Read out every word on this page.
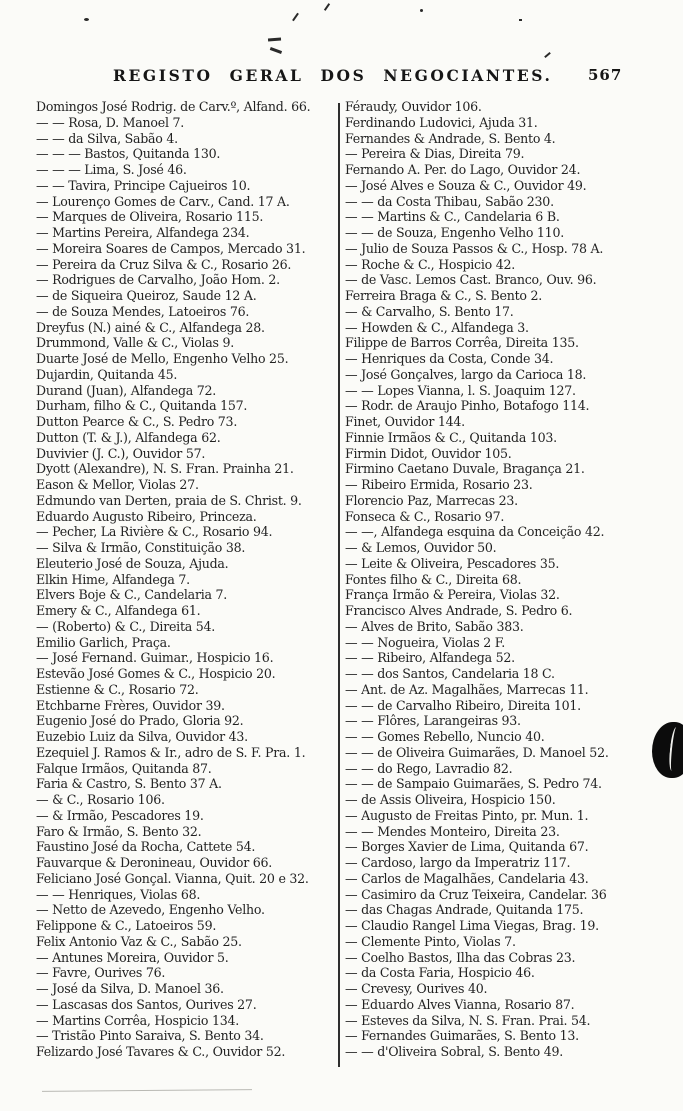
REGISTO GERAL DOS NEGOCIANTES. 567
Domingos José Rodrig. de Carv.º, Alfand. 66.
— — Rosa, D. Manoel 7.
— — da Silva, Sabão 4.
— — — Bastos, Quitanda 130.
— — — Lima, S. José 46.
— — Tavira, Principe Cajueiros 10.
— Lourenço Gomes de Carv., Cand. 17 A.
— Marques de Oliveira, Rosario 115.
— Martins Pereira, Alfandega 234.
— Moreira Soares de Campos, Mercado 31.
— Pereira da Cruz Silva & C., Rosario 26.
— Rodrigues de Carvalho, João Hom. 2.
— de Siqueira Queiroz, Saude 12 A.
— de Souza Mendes, Latoeiros 76.
Dreyfus (N.) ainé & C., Alfandega 28.
Drummond, Valle & C., Violas 9.
Duarte José de Mello, Engenho Velho 25.
Dujardin, Quitanda 45.
Durand (Juan), Alfandega 72.
Durham, filho & C., Quitanda 157.
Dutton Pearce & C., S. Pedro 73.
Dutton (T. & J.), Alfandega 62.
Duvivier (J. C.), Ouvidor 57.
Dyott (Alexandre), N. S. Fran. Prainha 21.
Eason & Mellor, Violas 27.
Edmundo van Derten, praia de S. Christ. 9.
Eduardo Augusto Ribeiro, Princeza.
— Pecher, La Rivière & C., Rosario 94.
— Silva & Irmão, Constituição 38.
Eleuterio José de Souza, Ajuda.
Elkin Hime, Alfandega 7.
Elvers Boje & C., Candelaria 7.
Emery & C., Alfandega 61.
— (Roberto) & C., Direita 54.
Emilio Garlich, Praça.
— José Fernand. Guimar., Hospicio 16.
Estevão José Gomes & C., Hospicio 20.
Estienne & C., Rosario 72.
Etchbarne Frères, Ouvidor 39.
Eugenio José do Prado, Gloria 92.
Euzebio Luiz da Silva, Ouvidor 43.
Ezequiel J. Ramos & Ir., adro de S. F. Pra. 1.
Falque Irmãos, Quitanda 87.
Faria & Castro, S. Bento 37 A.
— & C., Rosario 106.
— & Irmão, Pescadores 19.
Faro & Irmão, S. Bento 32.
Faustino José da Rocha, Cattete 54.
Fauvarque & Deronineau, Ouvidor 66.
Feliciano José Gonçal. Vianna, Quit. 20 e 32.
— — Henriques, Violas 68.
— Netto de Azevedo, Engenho Velho.
Felippone & C., Latoeiros 59.
Felix Antonio Vaz & C., Sabão 25.
— Antunes Moreira, Ouvidor 5.
— Favre, Ourives 76.
— José da Silva, D. Manoel 36.
— Lascasas dos Santos, Ourives 27.
— Martins Corrêa, Hospicio 134.
— Tristão Pinto Saraiva, S. Bento 34.
Felizardo José Tavares & C., Ouvidor 52.
Féraudy, Ouvidor 106.
Ferdinando Ludovici, Ajuda 31.
Fernandes & Andrade, S. Bento 4.
— Pereira & Dias, Direita 79.
Fernando A. Per. do Lago, Ouvidor 24.
— José Alves e Souza & C., Ouvidor 49.
— — da Costa Thibau, Sabão 230.
— — Martins & C., Candelaria 6 B.
— — de Souza, Engenho Velho 110.
— Julio de Souza Passos & C., Hosp. 78 A.
— Roche & C., Hospicio 42.
— de Vasc. Lemos Cast. Branco, Ouv. 96.
Ferreira Braga & C., S. Bento 2.
— & Carvalho, S. Bento 17.
— Howden & C., Alfandega 3.
Filippe de Barros Corrêa, Direita 135.
— Henriques da Costa, Conde 34.
— José Gonçalves, largo da Carioca 18.
— — Lopes Vianna, l. S. Joaquim 127.
— Rodr. de Araujo Pinho, Botafogo 114.
Finet, Ouvidor 144.
Finnie Irmãos & C., Quitanda 103.
Firmin Didot, Ouvidor 105.
Firmino Caetano Duvale, Bragança 21.
— Ribeiro Ermida, Rosario 23.
Florencio Paz, Marrecas 23.
Fonseca & C., Rosario 97.
— —, Alfandega esquina da Conceição 42.
— & Lemos, Ouvidor 50.
— Leite & Oliveira, Pescadores 35.
Fontes filho & C., Direita 68.
França Irmão & Pereira, Violas 32.
Francisco Alves Andrade, S. Pedro 6.
— Alves de Brito, Sabão 383.
— — Nogueira, Violas 2 F.
— — Ribeiro, Alfandega 52.
— — dos Santos, Candelaria 18 C.
— Ant. de Az. Magalhães, Marrecas 11.
— — de Carvalho Ribeiro, Direita 101.
— — Flôres, Larangeiras 93.
— — Gomes Rebello, Nuncio 40.
— — de Oliveira Guimarães, D. Manoel 52.
— — do Rego, Lavradio 82.
— — de Sampaio Guimarães, S. Pedro 74.
— de Assis Oliveira, Hospicio 150.
— Augusto de Freitas Pinto, pr. Mun. 1.
— — Mendes Monteiro, Direita 23.
— Borges Xavier de Lima, Quitanda 67.
— Cardoso, largo da Imperatriz 117.
— Carlos de Magalhães, Candelaria 43.
— Casimiro da Cruz Teixeira, Candelar. 36
— das Chagas Andrade, Quitanda 175.
— Claudio Rangel Lima Viegas, Brag. 19.
— Clemente Pinto, Violas 7.
— Coelho Bastos, Ilha das Cobras 23.
— da Costa Faria, Hospicio 46.
— Crevesy, Ourives 40.
— Eduardo Alves Vianna, Rosario 87.
— Esteves da Silva, N. S. Fran. Prai. 54.
— Fernandes Guimarães, S. Bento 13.
— — d'Oliveira Sobral, S. Bento 49.
